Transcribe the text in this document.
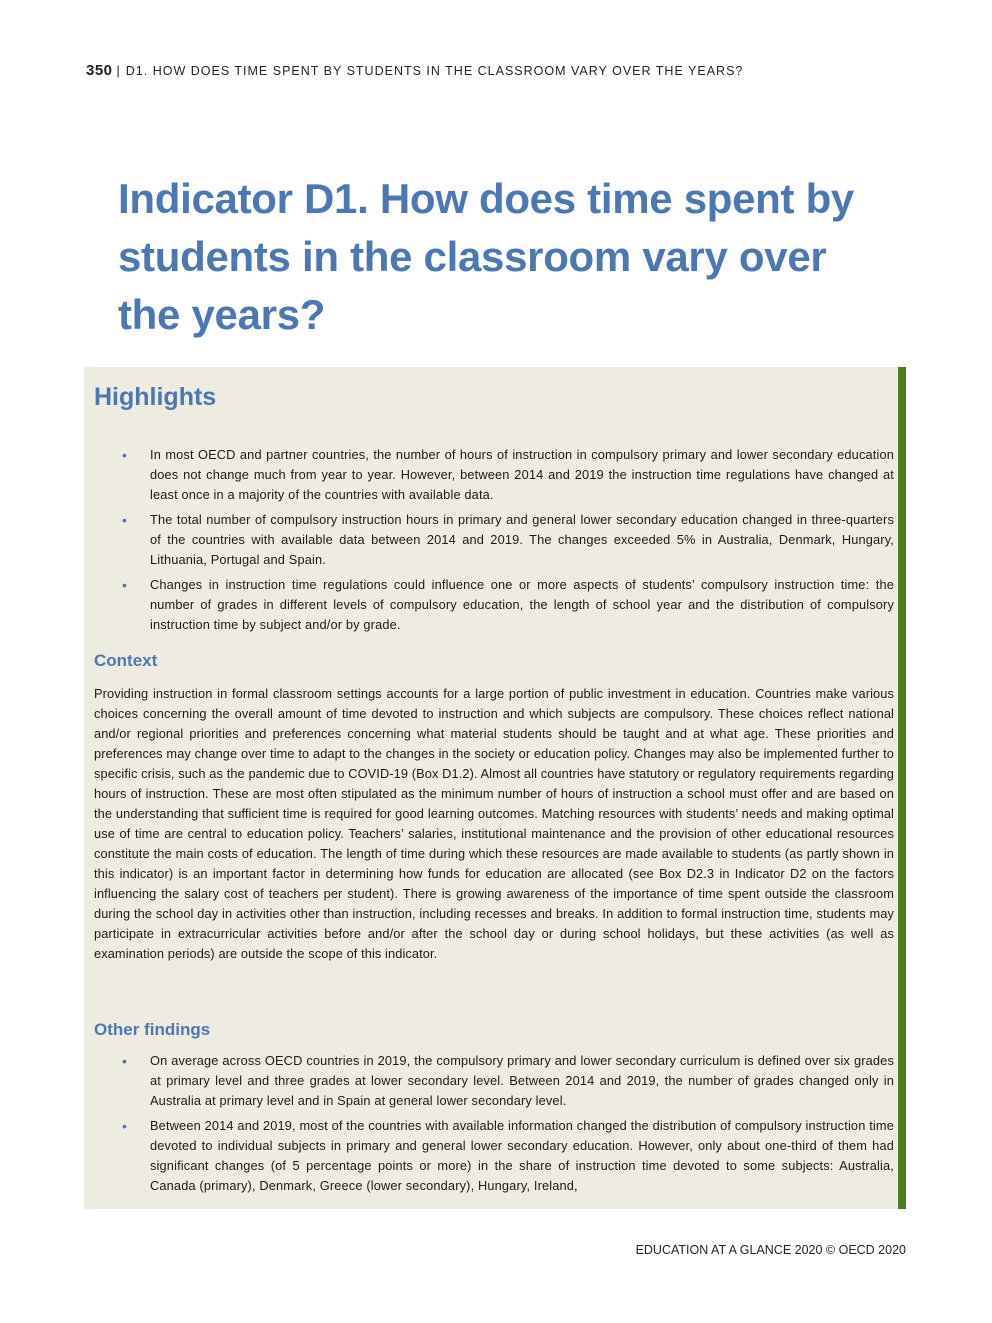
350 | D1. HOW DOES TIME SPENT BY STUDENTS IN THE CLASSROOM VARY OVER THE YEARS?
Indicator D1. How does time spent by students in the classroom vary over the years?
Highlights
• In most OECD and partner countries, the number of hours of instruction in compulsory primary and lower secondary education does not change much from year to year. However, between 2014 and 2019 the instruction time regulations have changed at least once in a majority of the countries with available data.
• The total number of compulsory instruction hours in primary and general lower secondary education changed in three-quarters of the countries with available data between 2014 and 2019. The changes exceeded 5% in Australia, Denmark, Hungary, Lithuania, Portugal and Spain.
• Changes in instruction time regulations could influence one or more aspects of students’ compulsory instruction time: the number of grades in different levels of compulsory education, the length of school year and the distribution of compulsory instruction time by subject and/or by grade.
Context

Providing instruction in formal classroom settings accounts for a large portion of public investment in education. Countries make various choices concerning the overall amount of time devoted to instruction and which subjects are compulsory. These choices reflect national and/or regional priorities and preferences concerning what material students should be taught and at what age. These priorities and preferences may change over time to adapt to the changes in the society or education policy. Changes may also be implemented further to specific crisis, such as the pandemic due to COVID-19 (Box D1.2). Almost all countries have statutory or regulatory requirements regarding hours of instruction. These are most often stipulated as the minimum number of hours of instruction a school must offer and are based on the understanding that sufficient time is required for good learning outcomes. Matching resources with students’ needs and making optimal use of time are central to education policy. Teachers’ salaries, institutional maintenance and the provision of other educational resources constitute the main costs of education. The length of time during which these resources are made available to students (as partly shown in this indicator) is an important factor in determining how funds for education are allocated (see Box D2.3 in Indicator D2 on the factors influencing the salary cost of teachers per student). There is growing awareness of the importance of time spent outside the classroom during the school day in activities other than instruction, including recesses and breaks. In addition to formal instruction time, students may participate in extracurricular activities before and/or after the school day or during school holidays, but these activities (as well as examination periods) are outside the scope of this indicator.

Other findings
• On average across OECD countries in 2019, the compulsory primary and lower secondary curriculum is defined over six grades at primary level and three grades at lower secondary level. Between 2014 and 2019, the number of grades changed only in Australia at primary level and in Spain at general lower secondary level.
• Between 2014 and 2019, most of the countries with available information changed the distribution of compulsory instruction time devoted to individual subjects in primary and general lower secondary education. However, only about one-third of them had significant changes (of 5 percentage points or more) in the share of instruction time devoted to some subjects: Australia, Canada (primary), Denmark, Greece (lower secondary), Hungary, Ireland,
EDUCATION AT A GLANCE 2020 © OECD 2020
